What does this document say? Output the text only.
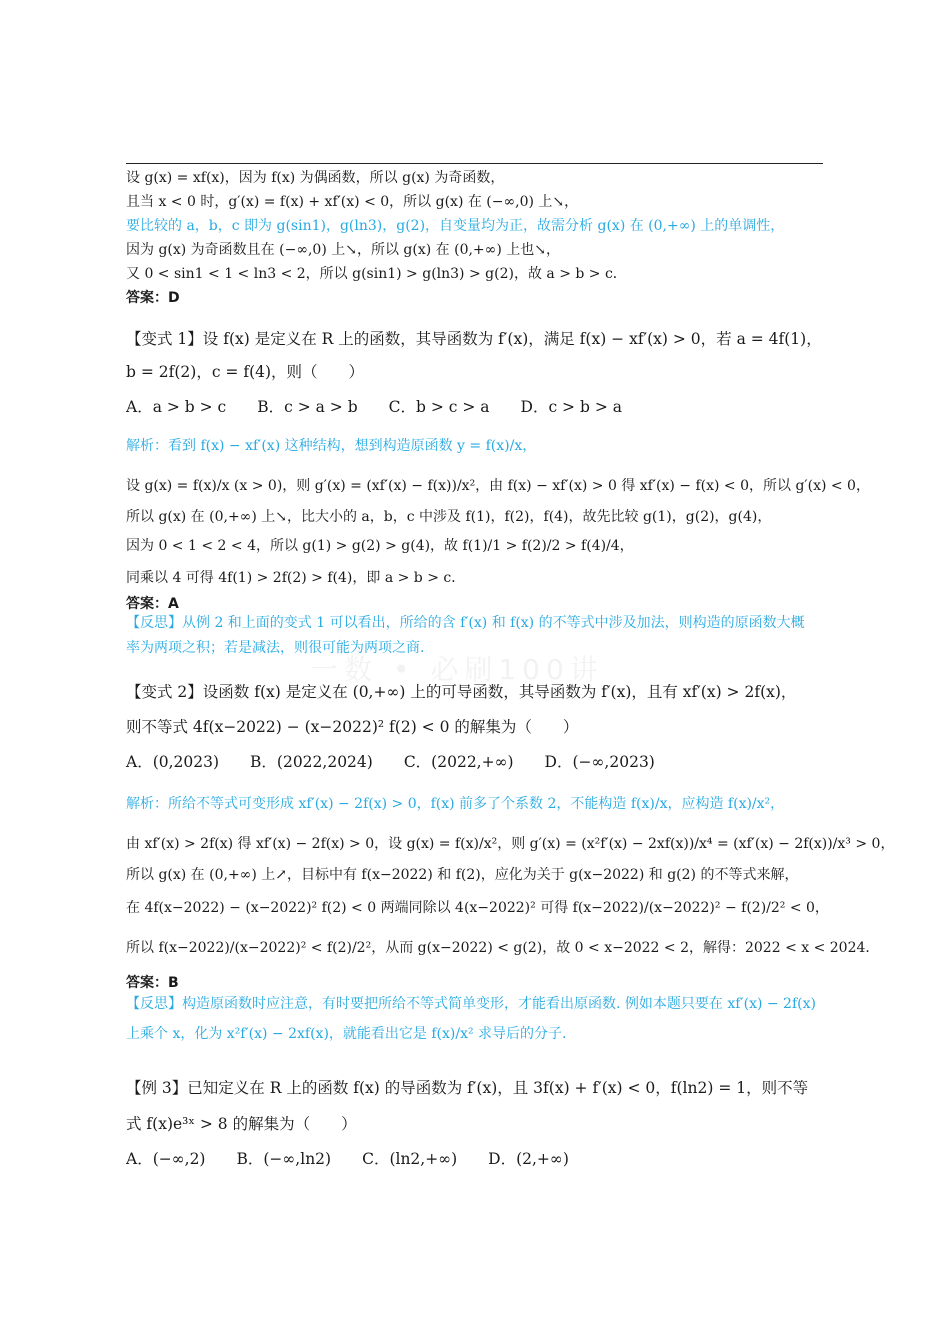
设 g(x) = xf(x)，因为 f(x) 为偶函数，所以 g(x) 为奇函数，
且当 x < 0 时，g′(x) = f(x) + xf′(x) < 0，所以 g(x) 在 (−∞,0) 上↘，
要比较的 a，b，c 即为 g(sin1)，g(ln3)，g(2)，自变量均为正，故需分析 g(x) 在 (0,+∞) 上的单调性，
因为 g(x) 为奇函数且在 (−∞,0) 上↘，所以 g(x) 在 (0,+∞) 上也↘，
又 0 < sin1 < 1 < ln3 < 2，所以 g(sin1) > g(ln3) > g(2)，故 a > b > c．
答案：D
【变式 1】设 f(x) 是定义在 R 上的函数，其导函数为 f′(x)，满足 f(x) − xf′(x) > 0，若 a = 4f(1)，
b = 2f(2)，c = f(4)，则（　　）
A．a > b > c　　B．c > a > b　　C．b > c > a　　D．c > b > a
解析：看到 f(x) − xf′(x) 这种结构，想到构造原函数 y = f(x)/x，
设 g(x) = f(x)/x (x > 0)，则 g′(x) = (xf′(x) − f(x))/x²，由 f(x) − xf′(x) > 0 得 xf′(x) − f(x) < 0，所以 g′(x) < 0，
所以 g(x) 在 (0,+∞) 上↘，比大小的 a，b，c 中涉及 f(1)，f(2)，f(4)，故先比较 g(1)，g(2)，g(4)，
因为 0 < 1 < 2 < 4，所以 g(1) > g(2) > g(4)，故 f(1)/1 > f(2)/2 > f(4)/4，
同乘以 4 可得 4f(1) > 2f(2) > f(4)，即 a > b > c．
答案：A
【反思】从例 2 和上面的变式 1 可以看出，所给的含 f′(x) 和 f(x) 的不等式中涉及加法，则构造的原函数大概
率为两项之积；若是减法，则很可能为两项之商.
一数 • 必刷100讲
【变式 2】设函数 f(x) 是定义在 (0,+∞) 上的可导函数，其导函数为 f′(x)，且有 xf′(x) > 2f(x)，
则不等式 4f(x−2022) − (x−2022)² f(2) < 0 的解集为（　　）
A．(0,2023)　　B．(2022,2024)　　C．(2022,+∞)　　D．(−∞,2023)
解析：所给不等式可变形成 xf′(x) − 2f(x) > 0，f(x) 前多了个系数 2，不能构造 f(x)/x，应构造 f(x)/x²，
由 xf′(x) > 2f(x) 得 xf′(x) − 2f(x) > 0，设 g(x) = f(x)/x²，则 g′(x) = (x²f′(x) − 2xf(x))/x⁴ = (xf′(x) − 2f(x))/x³ > 0，
所以 g(x) 在 (0,+∞) 上↗，目标中有 f(x−2022) 和 f(2)，应化为关于 g(x−2022) 和 g(2) 的不等式来解，
在 4f(x−2022) − (x−2022)² f(2) < 0 两端同除以 4(x−2022)² 可得 f(x−2022)/(x−2022)² − f(2)/2² < 0，
所以 f(x−2022)/(x−2022)² < f(2)/2²，从而 g(x−2022) < g(2)，故 0 < x−2022 < 2，解得：2022 < x < 2024．
答案：B
【反思】构造原函数时应注意，有时要把所给不等式简单变形，才能看出原函数. 例如本题只要在 xf′(x) − 2f(x)
上乘个 x，化为 x²f′(x) − 2xf(x)，就能看出它是 f(x)/x² 求导后的分子.
【例 3】已知定义在 R 上的函数 f(x) 的导函数为 f′(x)，且 3f(x) + f′(x) < 0，f(ln2) = 1，则不等
式 f(x)e³ˣ > 8 的解集为（　　）
A．(−∞,2)　　B．(−∞,ln2)　　C．(ln2,+∞)　　D．(2,+∞)
